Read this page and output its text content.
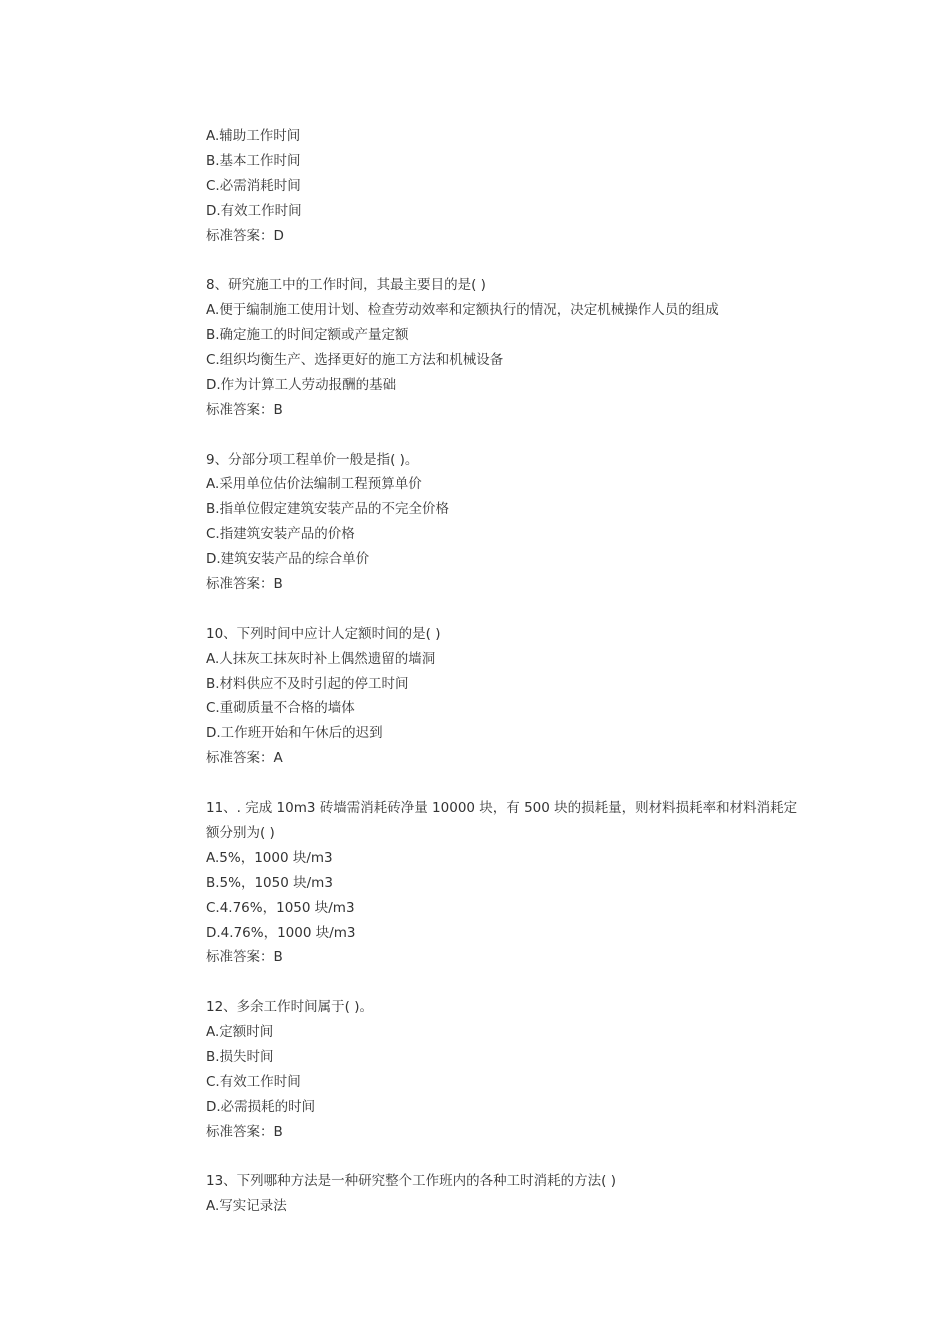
A.辅助工作时间
B.基本工作时间
C.必需消耗时间
D.有效工作时间
标准答案：D
8、研究施工中的工作时间，其最主要目的是( )
A.便于编制施工使用计划、检查劳动效率和定额执行的情况，决定机械操作人员的组成
B.确定施工的时间定额或产量定额
C.组织均衡生产、选择更好的施工方法和机械设备
D.作为计算工人劳动报酬的基础
标准答案：B
9、分部分项工程单价一般是指( )。
A.采用单位估价法编制工程预算单价
B.指单位假定建筑安装产品的不完全价格
C.指建筑安装产品的价格
D.建筑安装产品的综合单价
标准答案：B
10、下列时间中应计人定额时间的是( )
A.人抹灰工抹灰时补上偶然遗留的墙洞
B.材料供应不及时引起的停工时间
C.重砌质量不合格的墙体
D.工作班开始和午休后的迟到
标准答案：A
11、. 完成 10m3 砖墙需消耗砖净量 10000 块，有 500 块的损耗量，则材料损耗率和材料消耗定
额分别为( )
A.5%，1000 块/m3
B.5%，1050 块/m3
C.4.76%，1050 块/m3
D.4.76%，1000 块/m3
标准答案：B
12、多余工作时间属于( )。
A.定额时间
B.损失时间
C.有效工作时间
D.必需损耗的时间
标准答案：B
13、下列哪种方法是一种研究整个工作班内的各种工时消耗的方法( )
A.写实记录法
